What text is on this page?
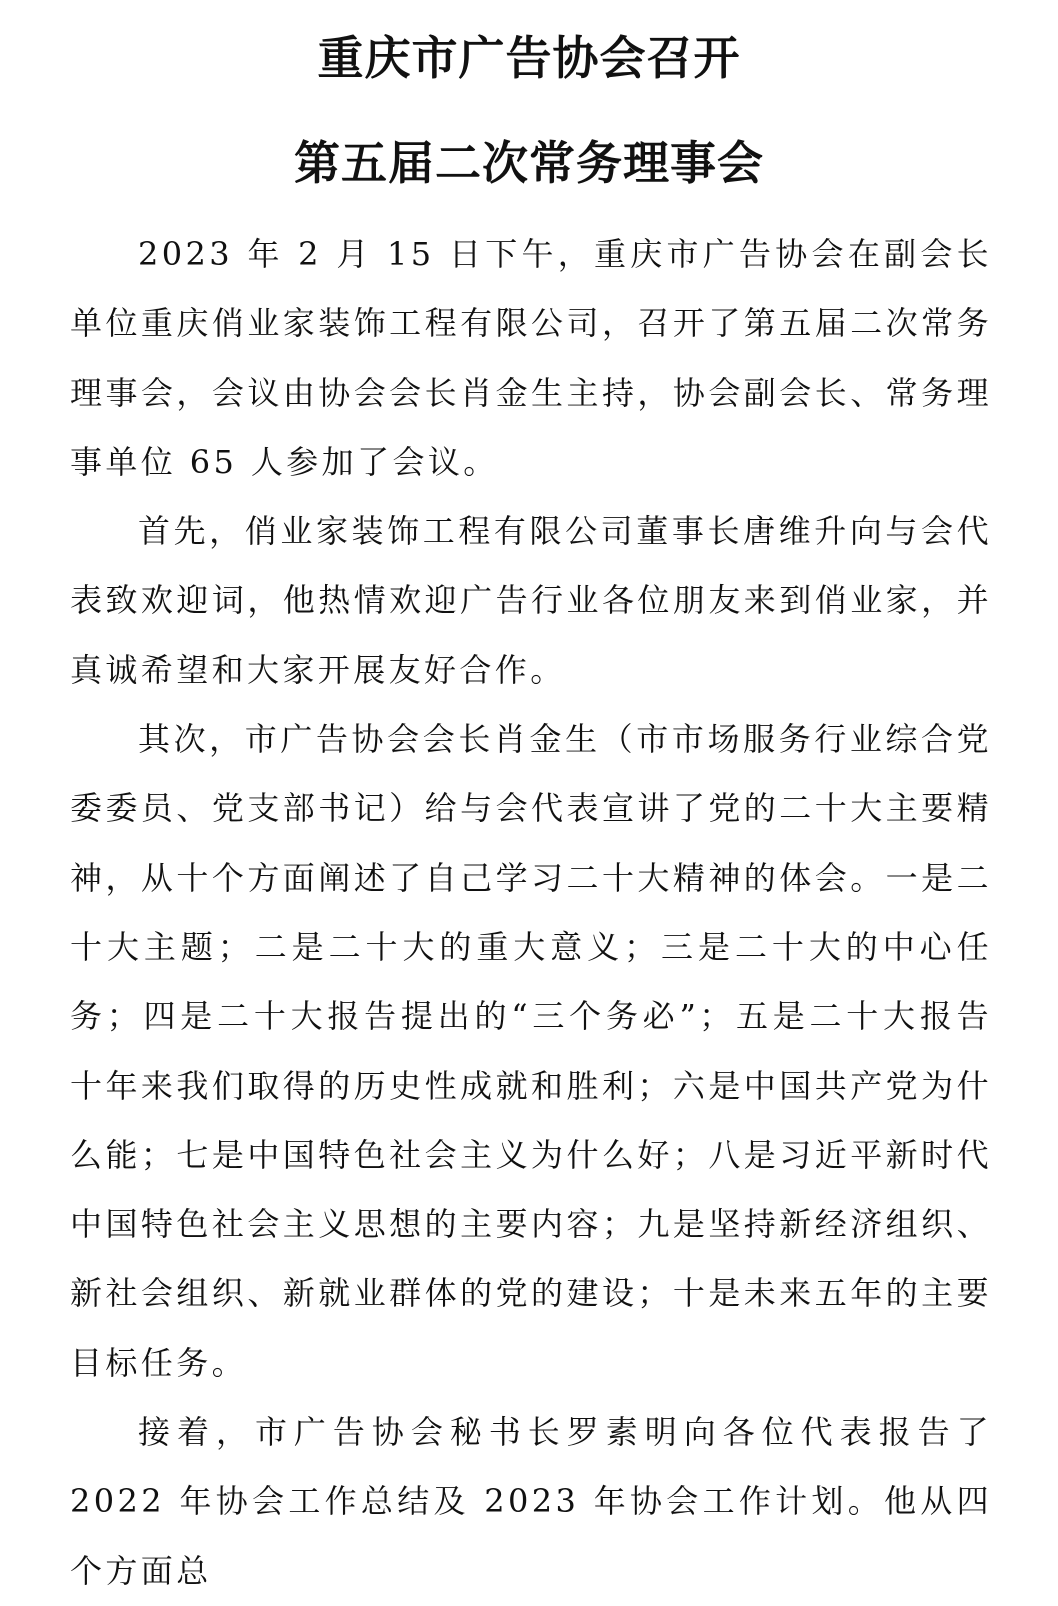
重庆市广告协会召开
第五届二次常务理事会

2023 年 2 月 15 日下午，重庆市广告协会在副会长单位重庆俏业家装饰工程有限公司，召开了第五届二次常务理事会，会议由协会会长肖金生主持，协会副会长、常务理事单位 65 人参加了会议。

首先，俏业家装饰工程有限公司董事长唐维升向与会代表致欢迎词，他热情欢迎广告行业各位朋友来到俏业家，并真诚希望和大家开展友好合作。

其次，市广告协会会长肖金生（市市场服务行业综合党委委员、党支部书记）给与会代表宣讲了党的二十大主要精神，从十个方面阐述了自己学习二十大精神的体会。一是二十大主题；二是二十大的重大意义；三是二十大的中心任务；四是二十大报告提出的“三个务必”；五是二十大报告十年来我们取得的历史性成就和胜利；六是中国共产党为什么能；七是中国特色社会主义为什么好；八是习近平新时代中国特色社会主义思想的主要内容；九是坚持新经济组织、新社会组织、新就业群体的党的建设；十是未来五年的主要目标任务。

接着，市广告协会秘书长罗素明向各位代表报告了 2022 年协会工作总结及 2023 年协会工作计划。他从四个方面总
